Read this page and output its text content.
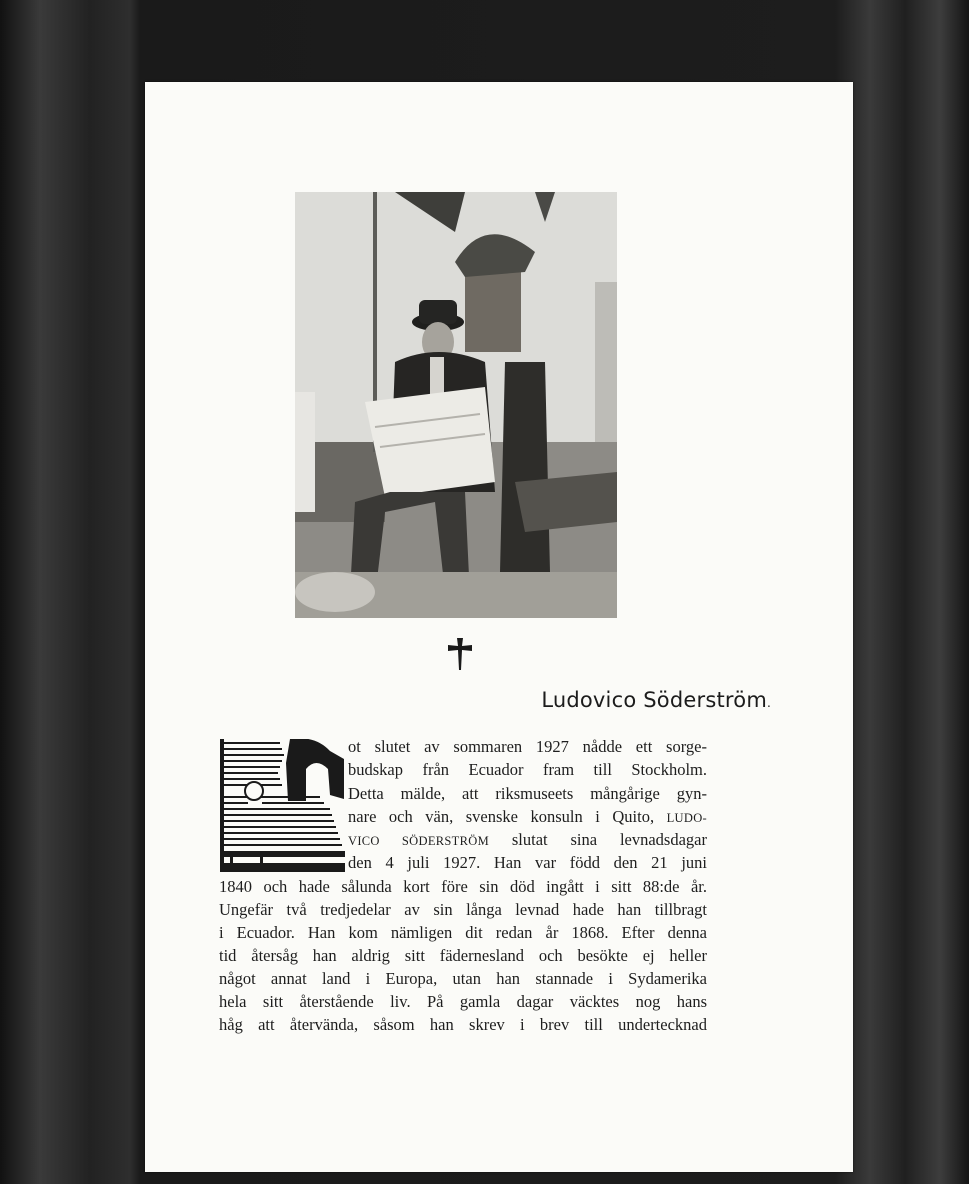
Ludovico Söderström.
ot slutet av sommaren 1927 nådde ett sorge-
budskap från Ecuador fram till Stockholm.
Detta mälde, att riksmuseets mångårige gyn-
nare och vän, svenske konsuln i Quito, LUDO-
VICO SÖDERSTRÖM slutat sina levnadsdagar
den 4 juli 1927. Han var född den 21 juni
1840 och hade sålunda kort före sin död ingått i sitt 88:de år.
Ungefär två tredjedelar av sin långa levnad hade han tillbragt
i Ecuador. Han kom nämligen dit redan år 1868. Efter denna
tid återsåg han aldrig sitt fädernesland och besökte ej heller
något annat land i Europa, utan han stannade i Sydamerika
hela sitt återstående liv. På gamla dagar väcktes nog hans
håg att återvända, såsom han skrev i brev till undertecknad
